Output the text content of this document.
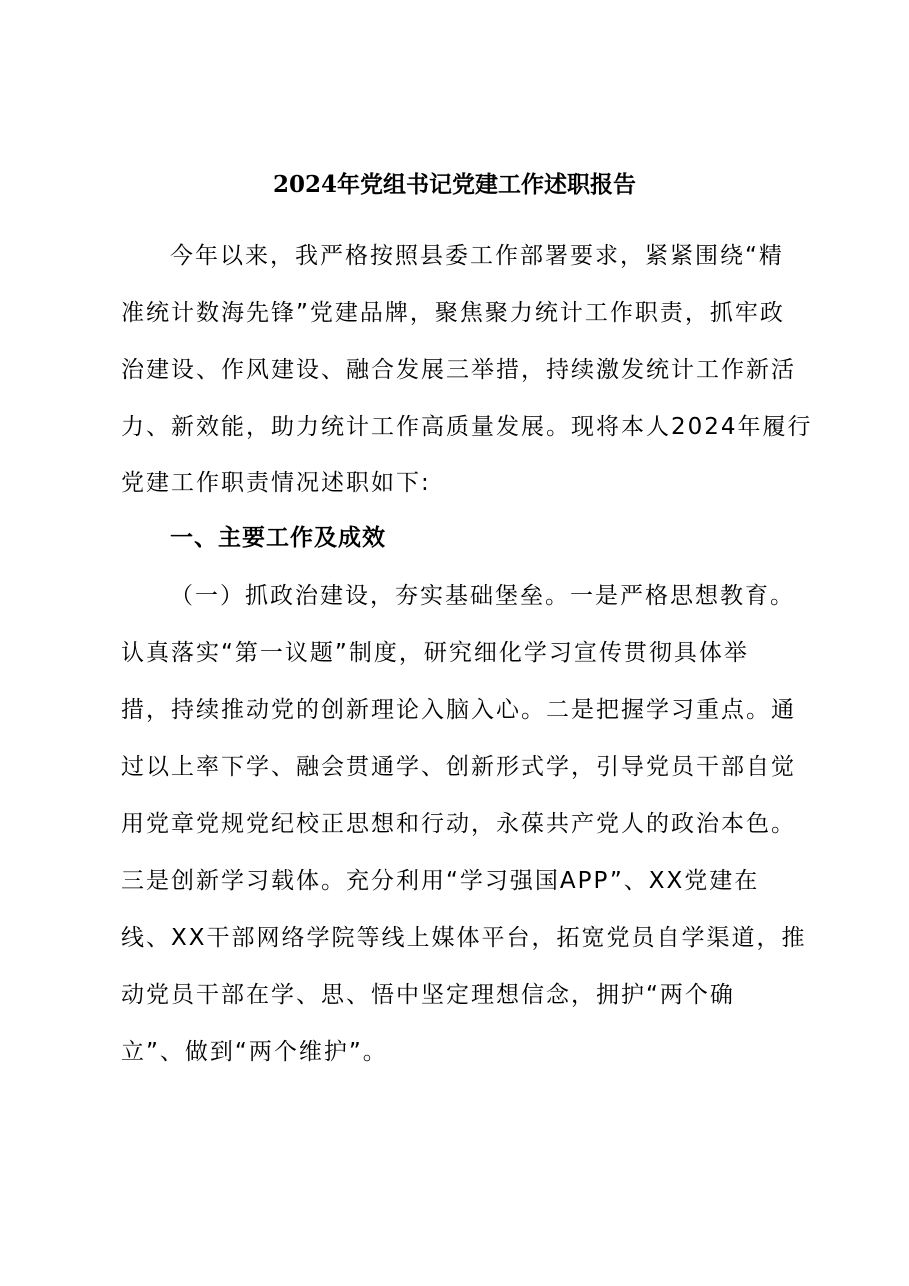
2024年党组书记党建工作述职报告
今年以来，我严格按照县委工作部署要求，紧紧围绕“精
准统计数海先锋”党建品牌，聚焦聚力统计工作职责，抓牢政
治建设、作风建设、融合发展三举措，持续激发统计工作新活
力、新效能，助力统计工作高质量发展。现将本人2024年履行
党建工作职责情况述职如下:
一、主要工作及成效
（一）抓政治建设，夯实基础堡垒。一是严格思想教育。
认真落实“第一议题”制度，研究细化学习宣传贯彻具体举
措，持续推动党的创新理论入脑入心。二是把握学习重点。通
过以上率下学、融会贯通学、创新形式学，引导党员干部自觉
用党章党规党纪校正思想和行动，永葆共产党人的政治本色。
三是创新学习载体。充分利用“学习强国APP”、XX党建在
线、XX干部网络学院等线上媒体平台，拓宽党员自学渠道，推
动党员干部在学、思、悟中坚定理想信念，拥护“两个确
立”、做到“两个维护”。
